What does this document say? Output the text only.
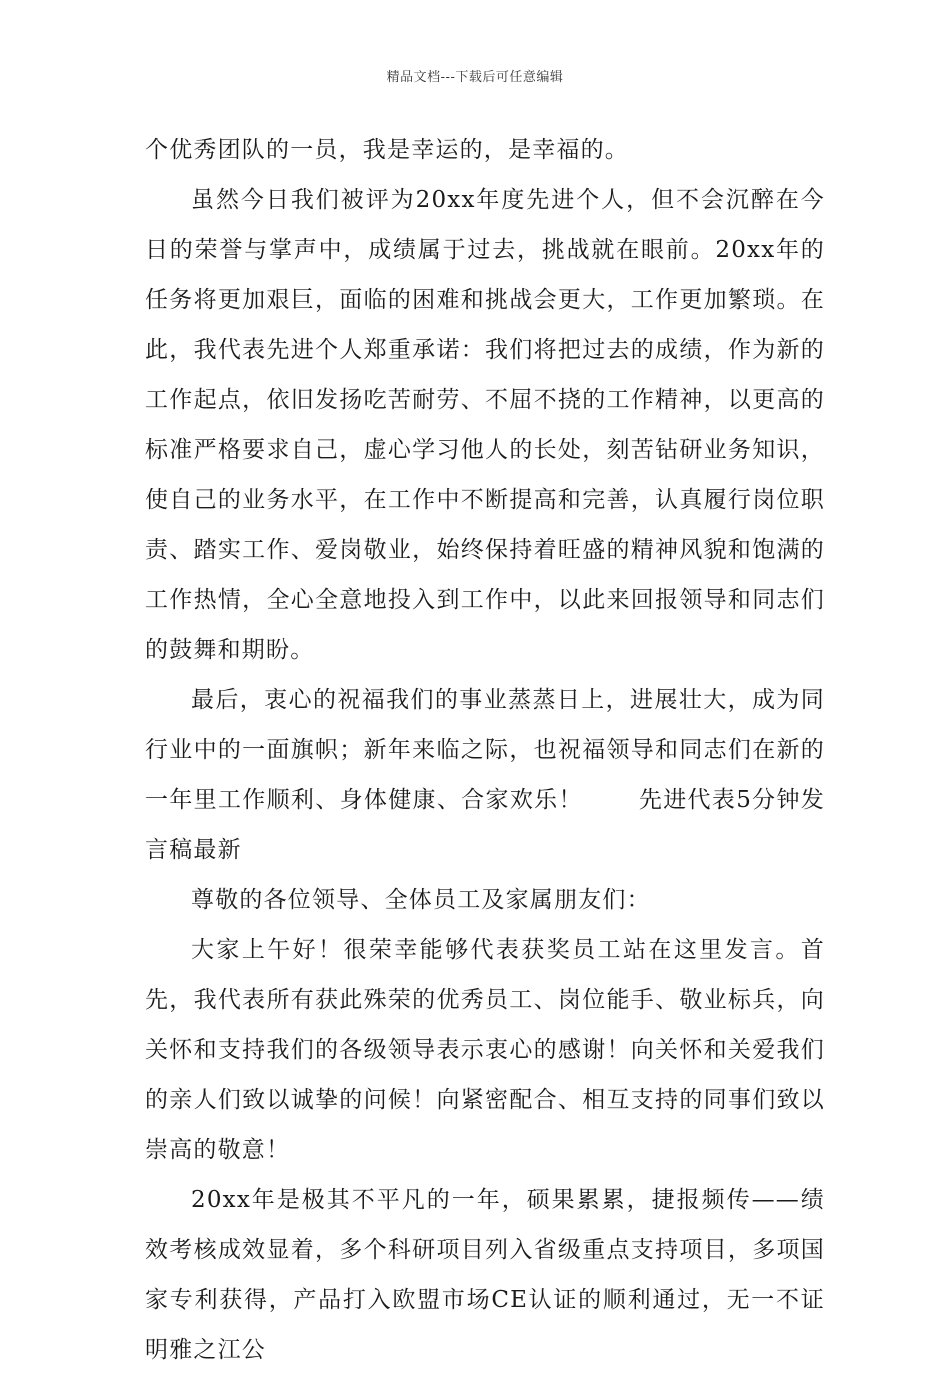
精品文档---下载后可任意编辑

个优秀团队的一员，我是幸运的，是幸福的。

虽然今日我们被评为20xx年度先进个人，但不会沉醉在今日的荣誉与掌声中，成绩属于过去，挑战就在眼前。20xx年的任务将更加艰巨，面临的困难和挑战会更大，工作更加繁琐。在此，我代表先进个人郑重承诺：我们将把过去的成绩，作为新的工作起点，依旧发扬吃苦耐劳、不屈不挠的工作精神，以更高的标准严格要求自己，虚心学习他人的长处，刻苦钻研业务知识，使自己的业务水平，在工作中不断提高和完善，认真履行岗位职责、踏实工作、爱岗敬业，始终保持着旺盛的精神风貌和饱满的工作热情，全心全意地投入到工作中，以此来回报领导和同志们的鼓舞和期盼。

最后，衷心的祝福我们的事业蒸蒸日上，进展壮大，成为同行业中的一面旗帜；新年来临之际，也祝福领导和同志们在新的一年里工作顺利、身体健康、合家欢乐！ 先进代表5分钟发言稿最新

尊敬的各位领导、全体员工及家属朋友们：

大家上午好！很荣幸能够代表获奖员工站在这里发言。首先，我代表所有获此殊荣的优秀员工、岗位能手、敬业标兵，向关怀和支持我们的各级领导表示衷心的感谢！向关怀和关爱我们的亲人们致以诚挚的问候！向紧密配合、相互支持的同事们致以崇高的敬意！

20xx年是极其不平凡的一年，硕果累累，捷报频传——绩效考核成效显着，多个科研项目列入省级重点支持项目，多项国家专利获得，产品打入欧盟市场CE认证的顺利通过，无一不证明雅之江公
